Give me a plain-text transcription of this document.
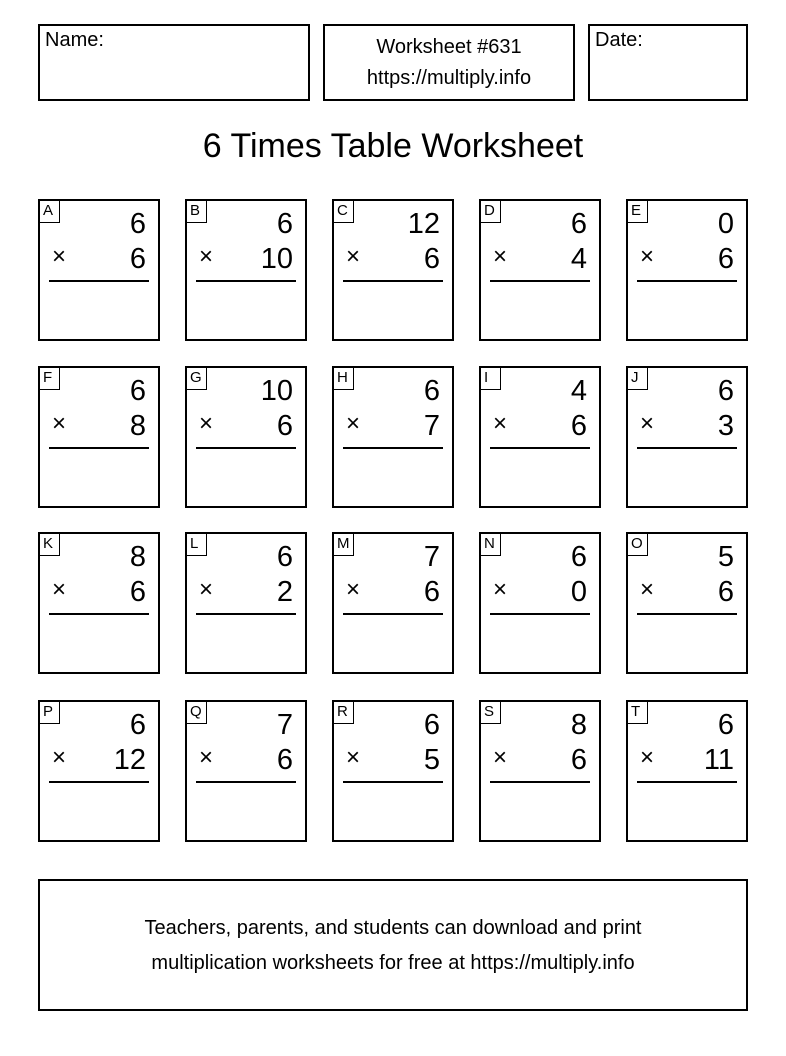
Name:	Worksheet #631
https://multiply.info
Date:
6 Times Table Worksheet
A	6
× 6
B	6
× 10
C 12
× 6
D	6
× 4
E	0
× 6
F	6
× 8
G 10
× 6
H	6
× 7
I	4
× 6
J	6
× 3
K	8
× 6
L	6
× 2
M	7
× 6
N	6
× 0
O	5
× 6
P	6
× 12
Q	7
× 6
R	6
× 5
S	8
× 6
T	6
× 11
Teachers, parents, and students can download and print
multiplication worksheets for free at https://multiply.info
